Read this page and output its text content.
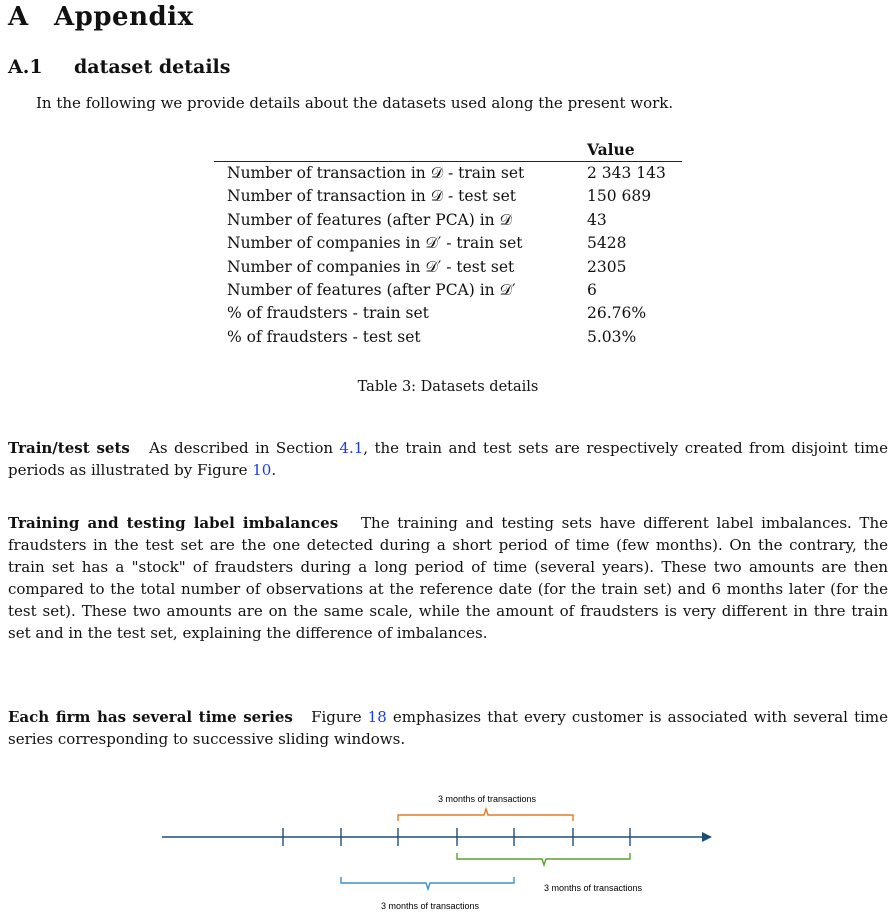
A Appendix
A.1 dataset details
In the following we provide details about the datasets used along the present work.
Value
Number of transaction in 𝒟 - train set	2 343 143
Number of transaction in 𝒟 - test set	150 689
Number of features (after PCA) in 𝒟	43
Number of companies in 𝒟′ - train set	5428
Number of companies in 𝒟′ - test set	2305
Number of features (after PCA) in 𝒟′	6
% of fraudsters - train set	26.76%
% of fraudsters - test set	5.03%
Table 3: Datasets details
Train/test sets As described in Section 4.1, the train and test sets are respectively created from disjoint time periods as illustrated by Figure 10.
Training and testing label imbalances The training and testing sets have different label imbalances. The fraudsters in the test set are the one detected during a short period of time (few months). On the contrary, the train set has a "stock" of fraudsters during a long period of time (several years). These two amounts are then compared to the total number of observations at the reference date (for the train set) and 6 months later (for the test set). These two amounts are on the same scale, while the amount of fraudsters is very different in thre train set and in the test set, explaining the difference of imbalances.
Each firm has several time series Figure 18 emphasizes that every customer is associated with several time series corresponding to successive sliding windows.
3 months of transactions
3 months of transactions
3 months of transactions
